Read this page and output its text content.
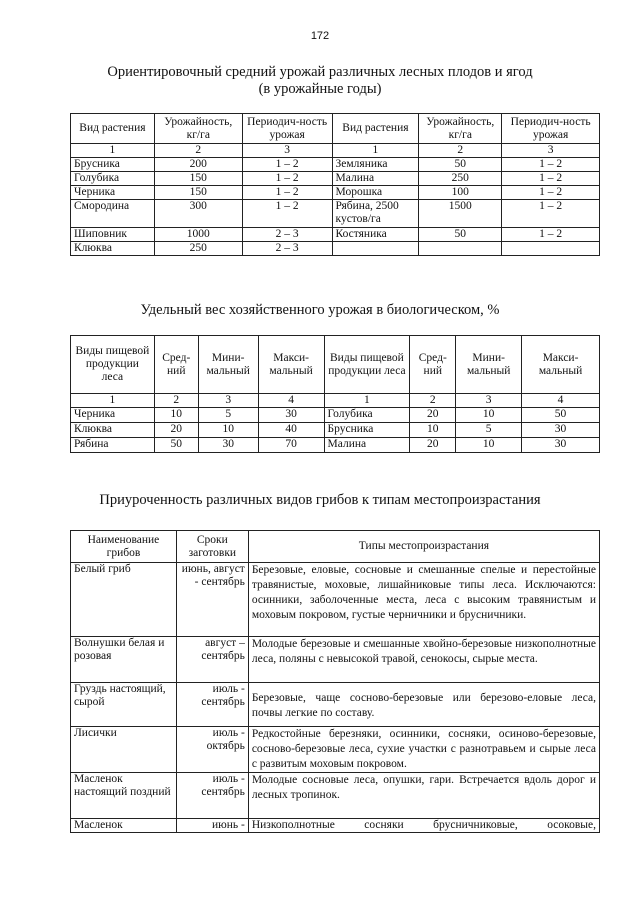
172
Ориентировочный средний урожай различных лесных плодов и ягод
(в урожайные годы)
Вид растения	Урожайность, кг/га	Периодич-ность урожая	Вид растения	Урожайность, кг/га	Периодич-ность урожая
1	2	3	1	2	3
Брусника	200	1 – 2	Земляника	50	1 – 2
Голубика	150	1 – 2	Малина	250	1 – 2
Черника	150	1 – 2	Морошка	100	1 – 2
Смородина	300	1 – 2	Рябина, 2500 кустов/га	1500	1 – 2
Шиповник	1000	2 – 3	Костяника	50	1 – 2
Клюква	250	2 – 3			
Удельный вес хозяйственного урожая в биологическом, %
Виды пищевой продукции леса	Сред-ний	Мини-мальный	Макси-мальный	Виды пищевой продукции леса	Сред-ний	Мини-мальный	Макси-мальный
1	2	3	4	1	2	3	4
Черника	10	5	30	Голубика	20	10	50
Клюква	20	10	40	Брусника	10	5	30
Рябина	50	30	70	Малина	20	10	30
Приуроченность различных видов грибов к типам местопроизрастания
Наименование грибов	Сроки заготовки	Типы местопроизрастания
Белый гриб	июнь, август - сентябрь	Березовые, еловые, сосновые и смешанные спелые и перестойные травянистые, моховые, лишайниковые типы леса. Исключаются: осинники, заболоченные места, леса с высоким травянистым и моховым покровом, густые черничники и брусничники.
Волнушки белая и розовая	август – сентябрь	Молодые березовые и смешанные хвойно-березовые низкополнотные леса, поляны с невысокой травой, сенокосы, сырые места.
Груздь настоящий, сырой	июль - сентябрь	Березовые, чаще сосново-березовые или березово-еловые леса, почвы легкие по составу.
Лисички	июль - октябрь	Редкостойные березняки, осинники, сосняки, осиново-березовые, сосново-березовые леса, сухие участки с разнотравьем и сырые леса с развитым моховым покровом.
Масленок настоящий поздний	июль - сентябрь	Молодые сосновые леса, опушки, гари. Встречается вдоль дорог и лесных тропинок.
Масленок	июнь -	Низкополнотные сосняки брусничниковые, осоковые,
